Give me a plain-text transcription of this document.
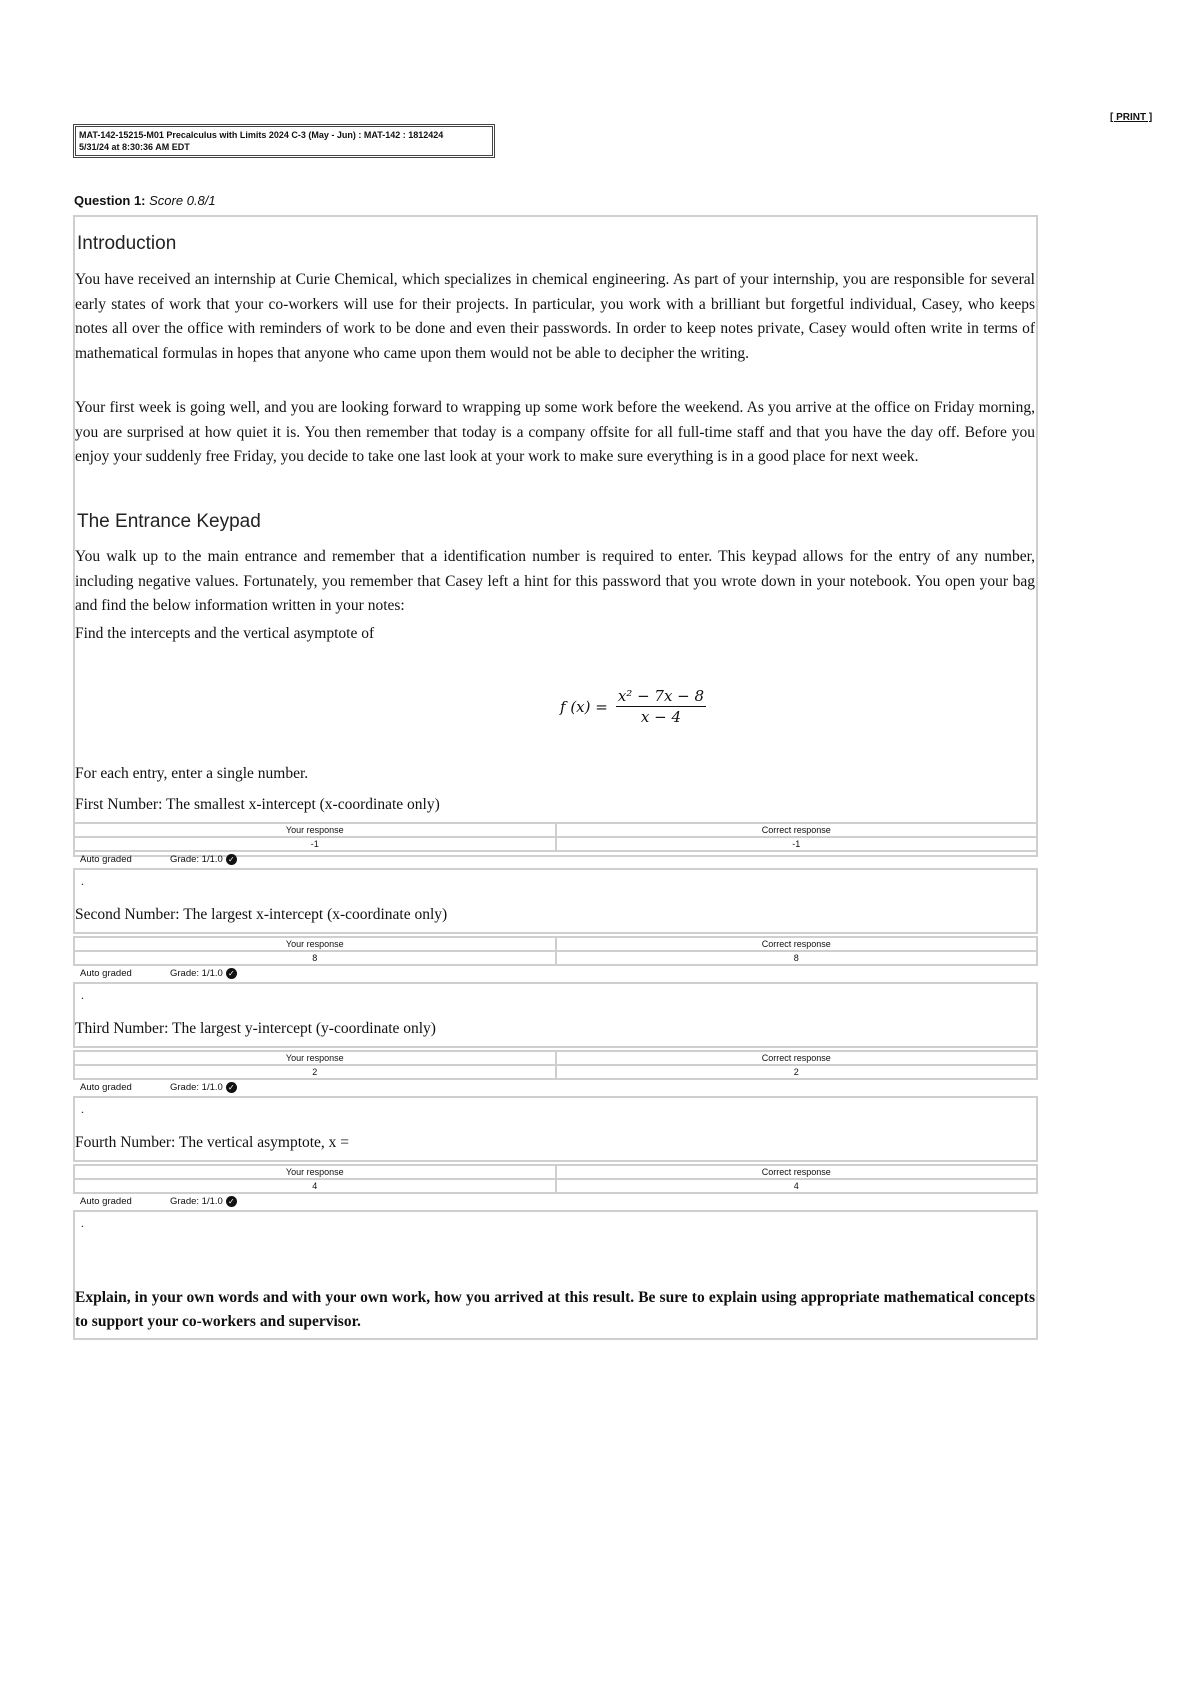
[ PRINT ]
MAT-142-15215-M01 Precalculus with Limits 2024 C-3 (May - Jun) : MAT-142 : 1812424
5/31/24 at 8:30:36 AM EDT
Question 1: Score 0.8/1
Introduction

You have received an internship at Curie Chemical, which specializes in chemical engineering. As part of your internship, you are responsible for several early states of work that your co-workers will use for their projects. In particular, you work with a brilliant but forgetful individual, Casey, who keeps notes all over the office with reminders of work to be done and even their passwords. In order to keep notes private, Casey would often write in terms of mathematical formulas in hopes that anyone who came upon them would not be able to decipher the writing.

Your first week is going well, and you are looking forward to wrapping up some work before the weekend. As you arrive at the office on Friday morning, you are surprised at how quiet it is. You then remember that today is a company offsite for all full-time staff and that you have the day off. Before you enjoy your suddenly free Friday, you decide to take one last look at your work to make sure everything is in a good place for next week.

The Entrance Keypad

You walk up to the main entrance and remember that a identification number is required to enter. This keypad allows for the entry of any number, including negative values. Fortunately, you remember that Casey left a hint for this password that you wrote down in your notebook. You open your bag and find the below information written in your notes:

Find the intercepts and the vertical asymptote of

f $(x) = \frac{\text{x² − 7x − 8}}{x - 4}$

For each entry, enter a single number.

First Number: The smallest x-intercept (x-coordinate only)

Your response	Correct response
-1	-1
Auto graded	Grade: 1/1.0 ✓
.

Second Number: The largest x-intercept (x-coordinate only)

Your response	Correct response
8	8
Auto graded	Grade: 1/1.0 ✓
.

Third Number: The largest y-intercept (y-coordinate only)

Your response	Correct response
2	2
Auto graded	Grade: 1/1.0 ✓
.

Fourth Number: The vertical asymptote, x =

Your response	Correct response
4	4
Auto graded	Grade: 1/1.0 ✓
.

Explain, in your own words and with your own work, how you arrived at this result. Be sure to explain using appropriate mathematical concepts to support your co-workers and supervisor.
